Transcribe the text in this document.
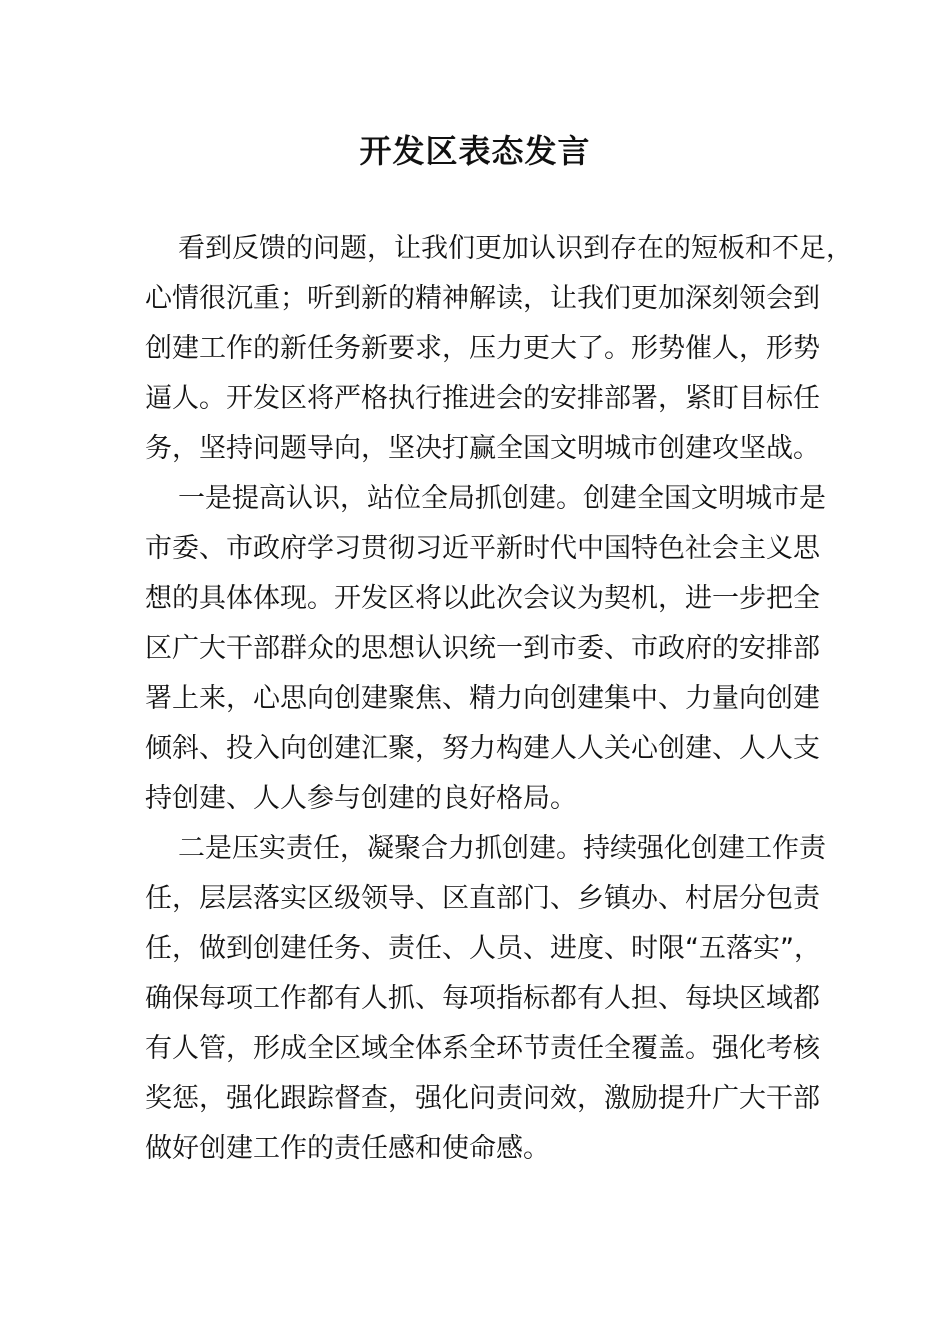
开发区表态发言
看到反馈的问题，让我们更加认识到存在的短板和不足，
心情很沉重；听到新的精神解读，让我们更加深刻领会到
创建工作的新任务新要求，压力更大了。形势催人，形势
逼人。开发区将严格执行推进会的安排部署，紧盯目标任
务，坚持问题导向，坚决打赢全国文明城市创建攻坚战。
一是提高认识，站位全局抓创建。创建全国文明城市是
市委、市政府学习贯彻习近平新时代中国特色社会主义思
想的具体体现。开发区将以此次会议为契机，进一步把全
区广大干部群众的思想认识统一到市委、市政府的安排部
署上来，心思向创建聚焦、精力向创建集中、力量向创建
倾斜、投入向创建汇聚，努力构建人人关心创建、人人支
持创建、人人参与创建的良好格局。
二是压实责任，凝聚合力抓创建。持续强化创建工作责
任，层层落实区级领导、区直部门、乡镇办、村居分包责
任，做到创建任务、责任、人员、进度、时限“五落实”，
确保每项工作都有人抓、每项指标都有人担、每块区域都
有人管，形成全区域全体系全环节责任全覆盖。强化考核
奖惩，强化跟踪督查，强化问责问效，激励提升广大干部
做好创建工作的责任感和使命感。
